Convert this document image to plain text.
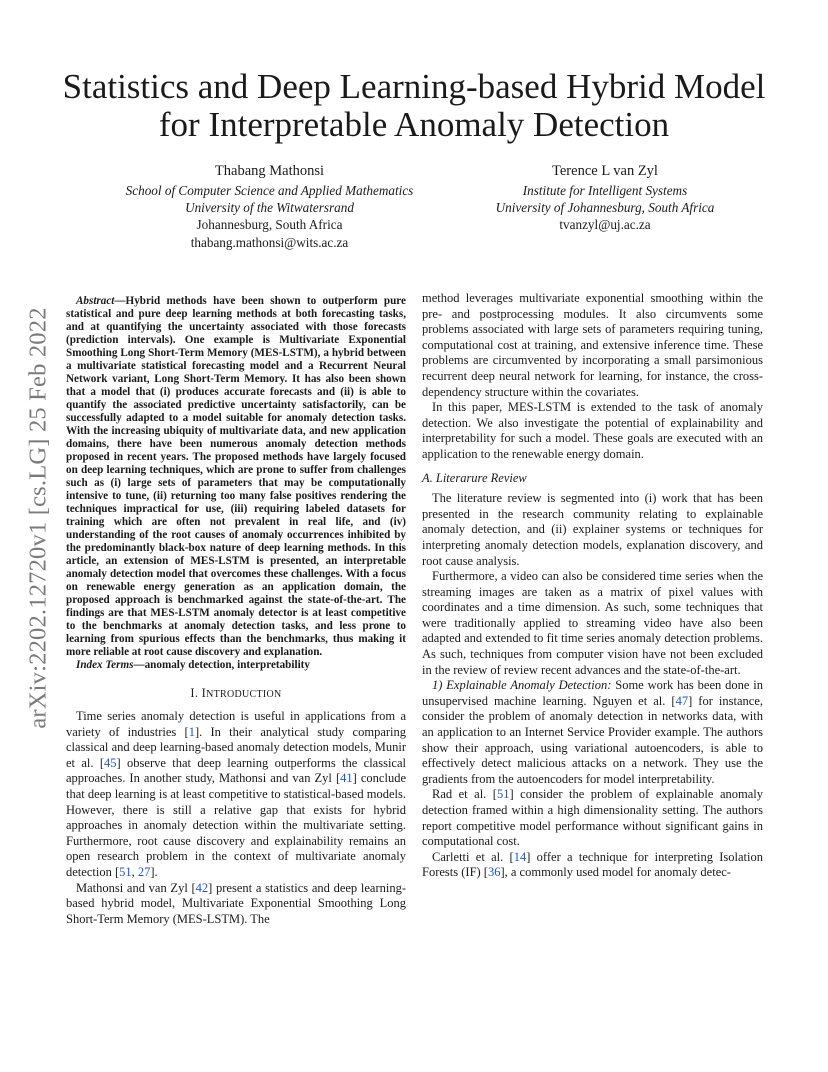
arXiv:2202.12720v1 [cs.LG] 25 Feb 2022
Statistics and Deep Learning-based Hybrid Model
for Interpretable Anomaly Detection
Thabang Mathonsi
School of Computer Science and Applied Mathematics
University of the Witwatersrand
Johannesburg, South Africa
thabang.mathonsi@wits.ac.za
Terence L van Zyl
Institute for Intelligent Systems
University of Johannesburg, South Africa
tvanzyl@uj.ac.za

Abstract—Hybrid methods have been shown to outperform pure statistical and pure deep learning methods at both forecasting tasks, and at quantifying the uncertainty associated with those forecasts (prediction intervals). One example is Multivariate Exponential Smoothing Long Short-Term Memory (MES-LSTM), a hybrid between a multivariate statistical forecasting model and a Recurrent Neural Network variant, Long Short-Term Memory. It has also been shown that a model that (i) produces accurate forecasts and (ii) is able to quantify the associated predictive uncertainty satisfactorily, can be successfully adapted to a model suitable for anomaly detection tasks. With the increasing ubiquity of multivariate data, and new application domains, there have been numerous anomaly detection methods proposed in recent years. The proposed methods have largely focused on deep learning techniques, which are prone to suffer from challenges such as (i) large sets of parameters that may be computationally intensive to tune, (ii) returning too many false positives rendering the techniques impractical for use, (iii) requiring labeled datasets for training which are often not prevalent in real life, and (iv) understanding of the root causes of anomaly occurrences inhibited by the predominantly black-box nature of deep learning methods. In this article, an extension of MES-LSTM is presented, an interpretable anomaly detection model that overcomes these challenges. With a focus on renewable energy generation as an application domain, the proposed approach is benchmarked against the state-of-the-art. The findings are that MES-LSTM anomaly detector is at least competitive to the benchmarks at anomaly detection tasks, and less prone to learning from spurious effects than the benchmarks, thus making it more reliable at root cause discovery and explanation.

Index Terms—anomaly detection, interpretability

I. INTRODUCTION

Time series anomaly detection is useful in applications from a variety of industries [1]. In their analytical study comparing classical and deep learning-based anomaly detection models, Munir et al. [45] observe that deep learning outperforms the classical approaches. In another study, Mathonsi and van Zyl [41] conclude that deep learning is at least competitive to statistical-based models. However, there is still a relative gap that exists for hybrid approaches in anomaly detection within the multivariate setting. Furthermore, root cause discovery and explainability remains an open research problem in the context of multivariate anomaly detection [51, 27].

Mathonsi and van Zyl [42] present a statistics and deep learning-based hybrid model, Multivariate Exponential Smoothing Long Short-Term Memory (MES-LSTM). The

method leverages multivariate exponential smoothing within the pre- and postprocessing modules. It also circumvents some problems associated with large sets of parameters requiring tuning, computational cost at training, and extensive inference time. These problems are circumvented by incorporating a small parsimonious recurrent deep neural network for learning, for instance, the cross-dependency structure within the covariates.

In this paper, MES-LSTM is extended to the task of anomaly detection. We also investigate the potential of explainability and interpretability for such a model. These goals are executed with an application to the renewable energy domain.

A. Literarure Review

The literature review is segmented into (i) work that has been presented in the research community relating to explainable anomaly detection, and (ii) explainer systems or techniques for interpreting anomaly detection models, explanation discovery, and root cause analysis.

Furthermore, a video can also be considered time series when the streaming images are taken as a matrix of pixel values with coordinates and a time dimension. As such, some techniques that were traditionally applied to streaming video have also been adapted and extended to fit time series anomaly detection problems. As such, techniques from computer vision have not been excluded in the review of review recent advances and the state-of-the-art.

1) Explainable Anomaly Detection: Some work has been done in unsupervised machine learning. Nguyen et al. [47] for instance, consider the problem of anomaly detection in networks data, with an application to an Internet Service Provider example. The authors show their approach, using variational autoencoders, is able to effectively detect malicious attacks on a network. They use the gradients from the autoencoders for model interpretability.

Rad et al. [51] consider the problem of explainable anomaly detection framed within a high dimensionality setting. The authors report competitive model performance without significant gains in computational cost.

Carletti et al. [14] offer a technique for interpreting Isolation Forests (IF) [36], a commonly used model for anomaly detec-
